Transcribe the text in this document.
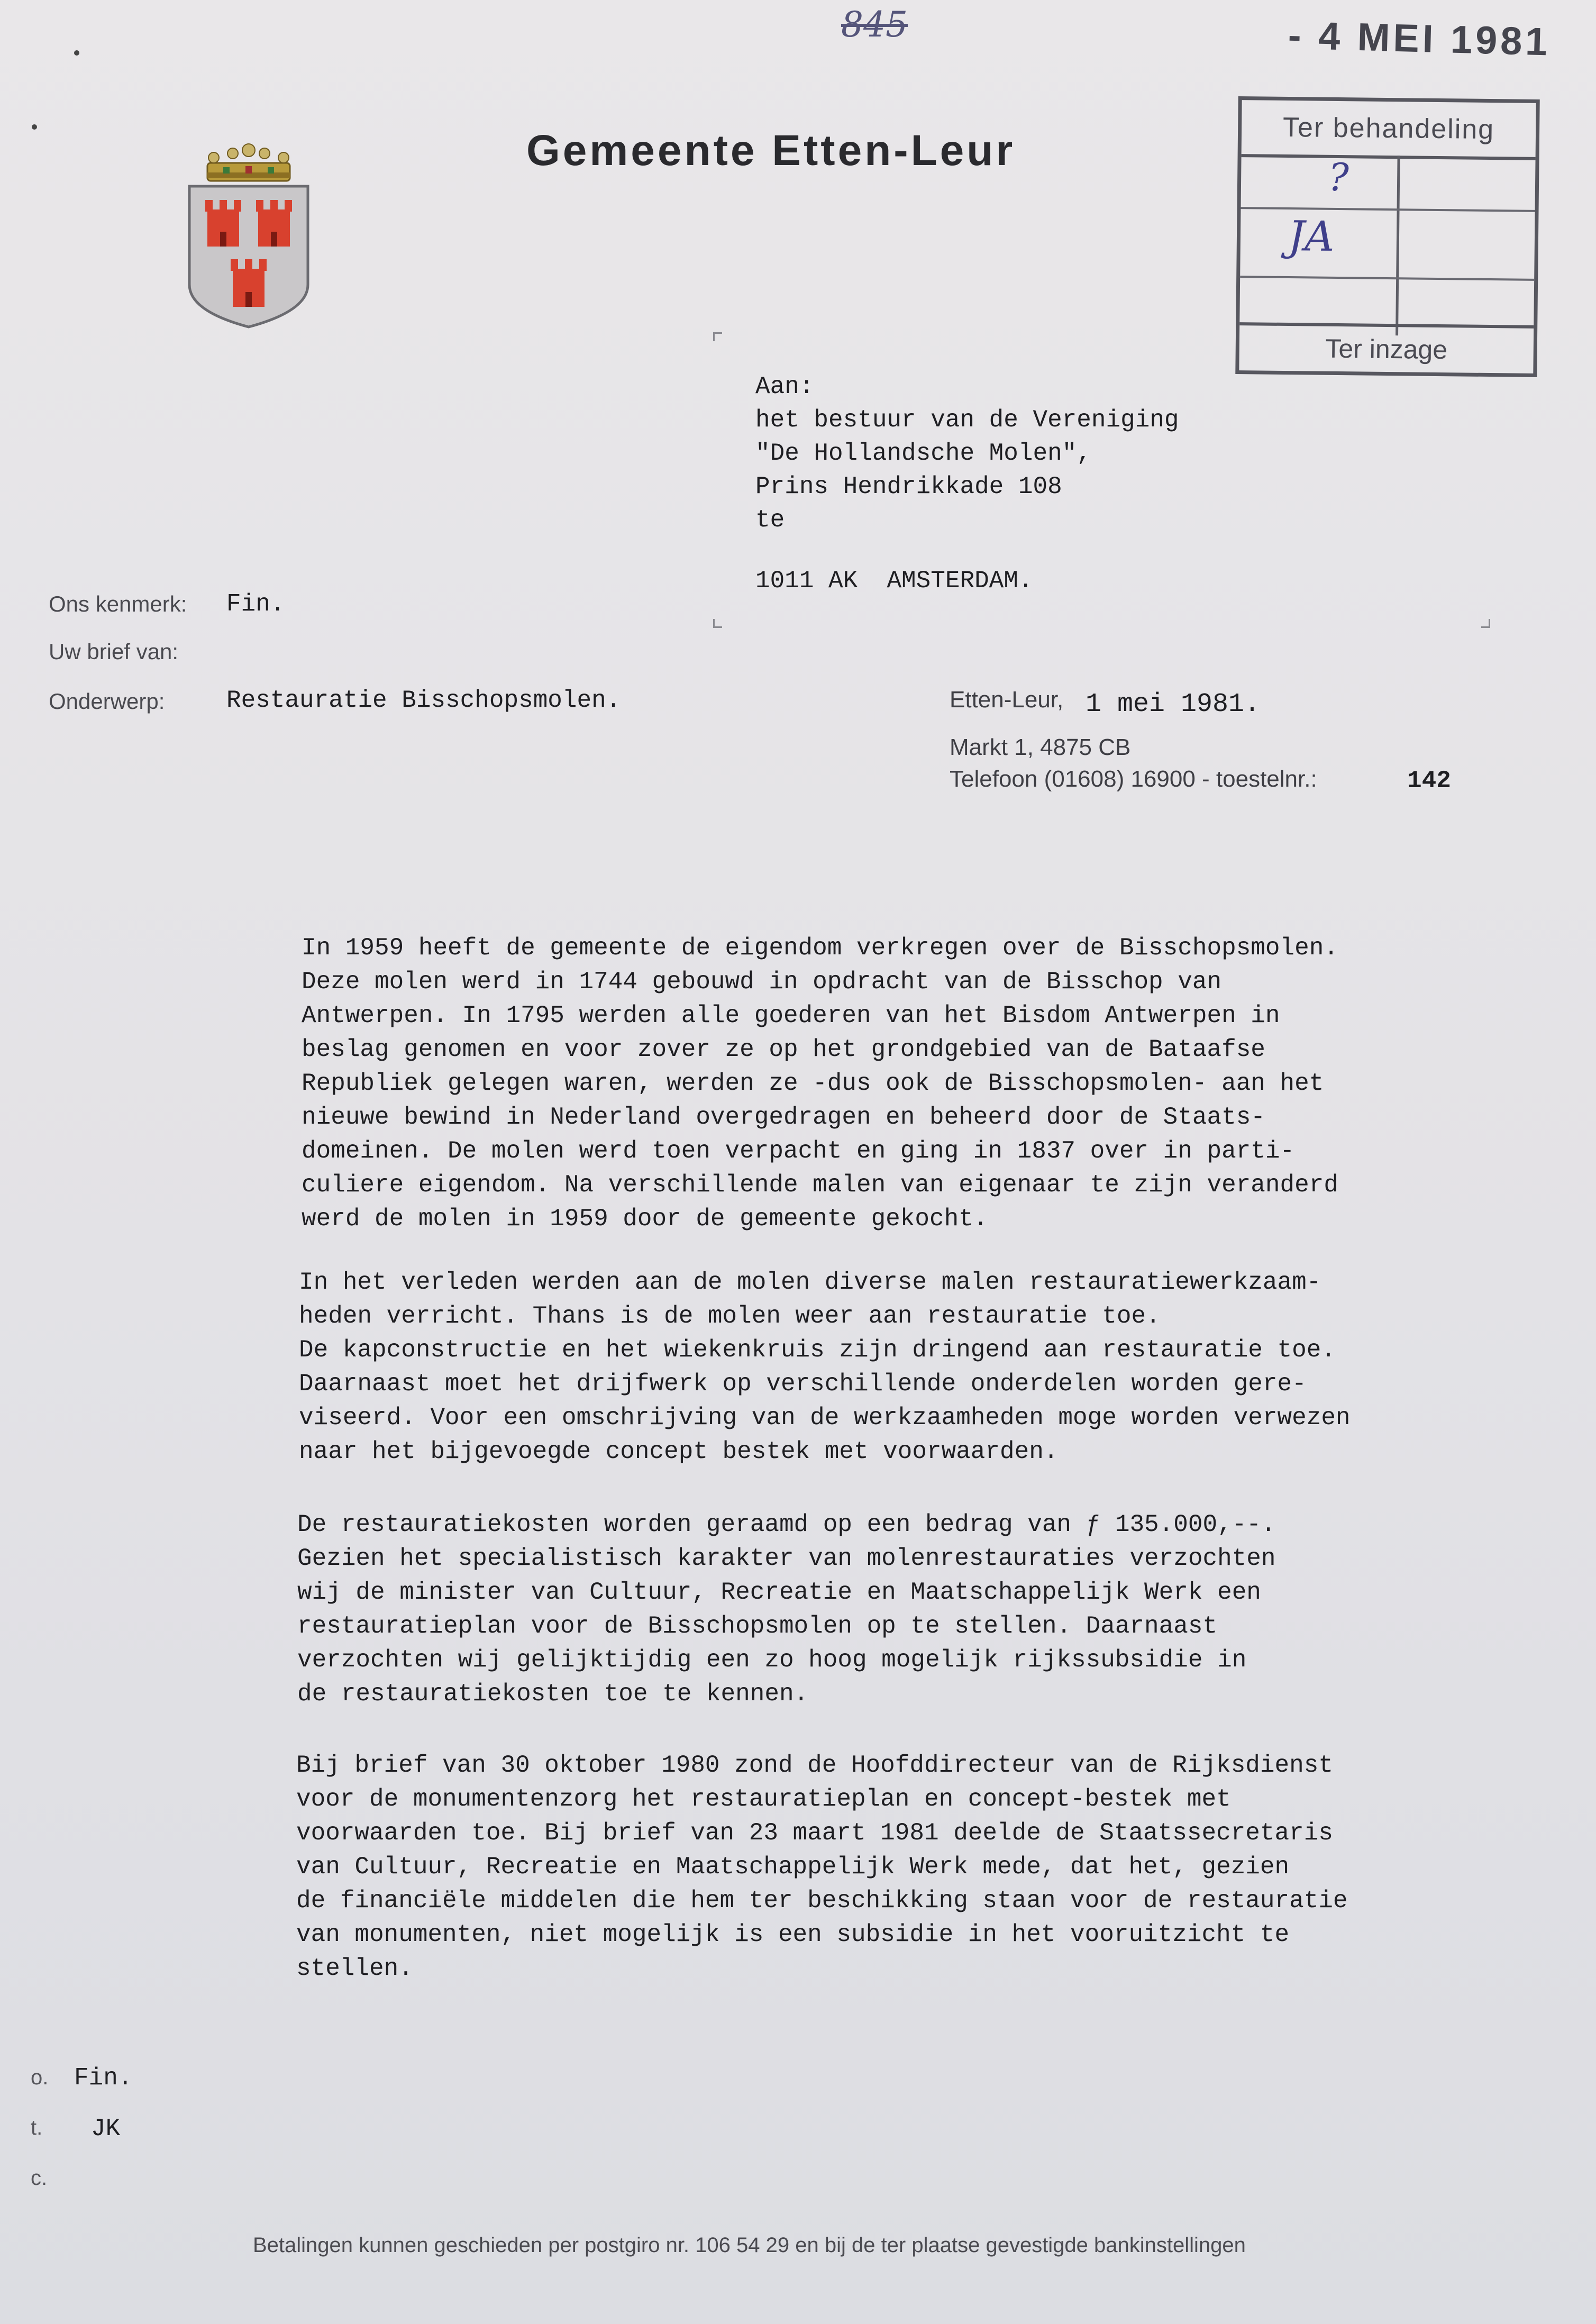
845	- 4 MEI 1981
Gemeente Etten-Leur	Ter behandeling
?
JA
Ter inzage
Aan:
het bestuur van de Vereniging
"De Hollandsche Molen",
Prins Hendrikkade 108
te
1011 AK  AMSTERDAM.
Ons kenmerk: Fin.
Uw brief van:
Onderwerp:	Restauratie Bisschopsmolen.	Etten-Leur, 1 mei 1981.
Markt 1, 4875 CB
Telefoon (01608) 16900 - toestelnr.:	142
In 1959 heeft de gemeente de eigendom verkregen over de Bisschopsmolen.
Deze molen werd in 1744 gebouwd in opdracht van de Bisschop van
Antwerpen. In 1795 werden alle goederen van het Bisdom Antwerpen in
beslag genomen en voor zover ze op het grondgebied van de Bataafse
Republiek gelegen waren, werden ze -dus ook de Bisschopsmolen- aan het
nieuwe bewind in Nederland overgedragen en beheerd door de Staats-
domeinen. De molen werd toen verpacht en ging in 1837 over in parti-
culiere eigendom. Na verschillende malen van eigenaar te zijn veranderd
werd de molen in 1959 door de gemeente gekocht.
In het verleden werden aan de molen diverse malen restauratiewerkzaam-
heden verricht. Thans is de molen weer aan restauratie toe.
De kapconstructie en het wiekenkruis zijn dringend aan restauratie toe.
Daarnaast moet het drijfwerk op verschillende onderdelen worden gere-
viseerd. Voor een omschrijving van de werkzaamheden moge worden verwezen
naar het bijgevoegde concept bestek met voorwaarden.
De restauratiekosten worden geraamd op een bedrag van ƒ 135.000,--.
Gezien het specialistisch karakter van molenrestauraties verzochten
wij de minister van Cultuur, Recreatie en Maatschappelijk Werk een
restauratieplan voor de Bisschopsmolen op te stellen. Daarnaast
verzochten wij gelijktijdig een zo hoog mogelijk rijkssubsidie in
de restauratiekosten toe te kennen.
Bij brief van 30 oktober 1980 zond de Hoofddirecteur van de Rijksdienst
voor de monumentenzorg het restauratieplan en concept-bestek met
voorwaarden toe. Bij brief van 23 maart 1981 deelde de Staatssecretaris
van Cultuur, Recreatie en Maatschappelijk Werk mede, dat het, gezien
de financiële middelen die hem ter beschikking staan voor de restauratie
van monumenten, niet mogelijk is een subsidie in het vooruitzicht te
stellen.
o. Fin.
t. JK
c.
Betalingen kunnen geschieden per postgiro nr. 106 54 29 en bij de ter plaatse gevestigde bankinstellingen
